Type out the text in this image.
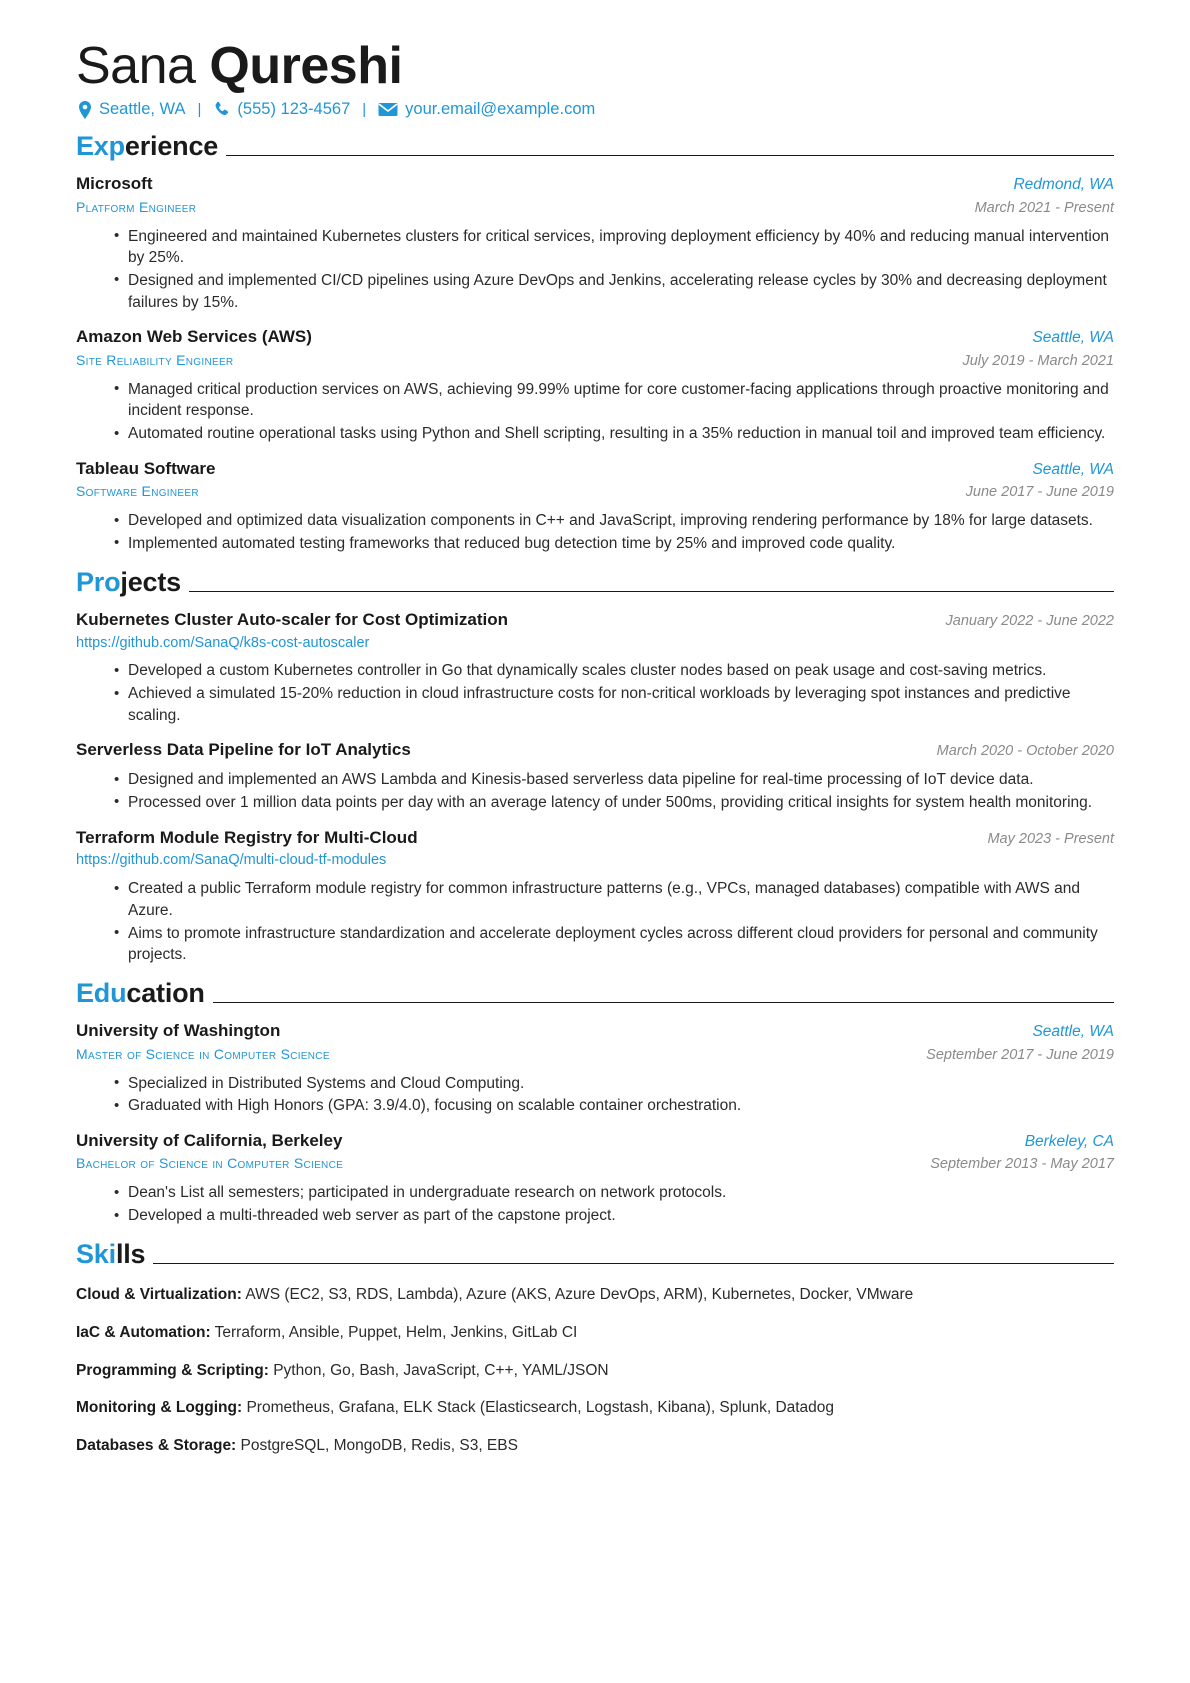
Sana Qureshi
Seattle, WA |	(555) 123-4567 |	your.email@example.com
Experience
Microsoft	Redmond, WA
Platform Engineer	March 2021 - Present
• Engineered and maintained Kubernetes clusters for critical services, improving deployment efficiency by 40% and reducing manual intervention by 25%.
• Designed and implemented CI/CD pipelines using Azure DevOps and Jenkins, accelerating release cycles by 30% and decreasing deployment failures by 15%.
Amazon Web Services (AWS)	Seattle, WA
Site Reliability Engineer	July 2019 - March 2021
• Managed critical production services on AWS, achieving 99.99% uptime for core customer-facing applications through proactive monitoring and incident response.
• Automated routine operational tasks using Python and Shell scripting, resulting in a 35% reduction in manual toil and improved team efficiency.
Tableau Software	Seattle, WA
Software Engineer	June 2017 - June 2019
• Developed and optimized data visualization components in C++ and JavaScript, improving rendering performance by 18% for large datasets.
• Implemented automated testing frameworks that reduced bug detection time by 25% and improved code quality.
Projects
Kubernetes Cluster Auto-scaler for Cost Optimization	January 2022 - June 2022
https://github.com/SanaQ/k8s-cost-autoscaler
• Developed a custom Kubernetes controller in Go that dynamically scales cluster nodes based on peak usage and cost-saving metrics.
• Achieved a simulated 15-20% reduction in cloud infrastructure costs for non-critical workloads by leveraging spot instances and predictive scaling.
Serverless Data Pipeline for IoT Analytics	March 2020 - October 2020
• Designed and implemented an AWS Lambda and Kinesis-based serverless data pipeline for real-time processing of IoT device data.
• Processed over 1 million data points per day with an average latency of under 500ms, providing critical insights for system health monitoring.
Terraform Module Registry for Multi-Cloud	May 2023 - Present
https://github.com/SanaQ/multi-cloud-tf-modules
• Created a public Terraform module registry for common infrastructure patterns (e.g., VPCs, managed databases) compatible with AWS and Azure.
• Aims to promote infrastructure standardization and accelerate deployment cycles across different cloud providers for personal and community projects.
Education
University of Washington	Seattle, WA
Master of Science in Computer Science	September 2017 - June 2019
• Specialized in Distributed Systems and Cloud Computing.
• Graduated with High Honors (GPA: 3.9/4.0), focusing on scalable container orchestration.
University of California, Berkeley	Berkeley, CA
Bachelor of Science in Computer Science	September 2013 - May 2017
• Dean's List all semesters; participated in undergraduate research on network protocols.
• Developed a multi-threaded web server as part of the capstone project.
Skills
Cloud & Virtualization: AWS (EC2, S3, RDS, Lambda), Azure (AKS, Azure DevOps, ARM), Kubernetes, Docker, VMware
IaC & Automation: Terraform, Ansible, Puppet, Helm, Jenkins, GitLab CI
Programming & Scripting: Python, Go, Bash, JavaScript, C++, YAML/JSON
Monitoring & Logging: Prometheus, Grafana, ELK Stack (Elasticsearch, Logstash, Kibana), Splunk, Datadog
Databases & Storage: PostgreSQL, MongoDB, Redis, S3, EBS
